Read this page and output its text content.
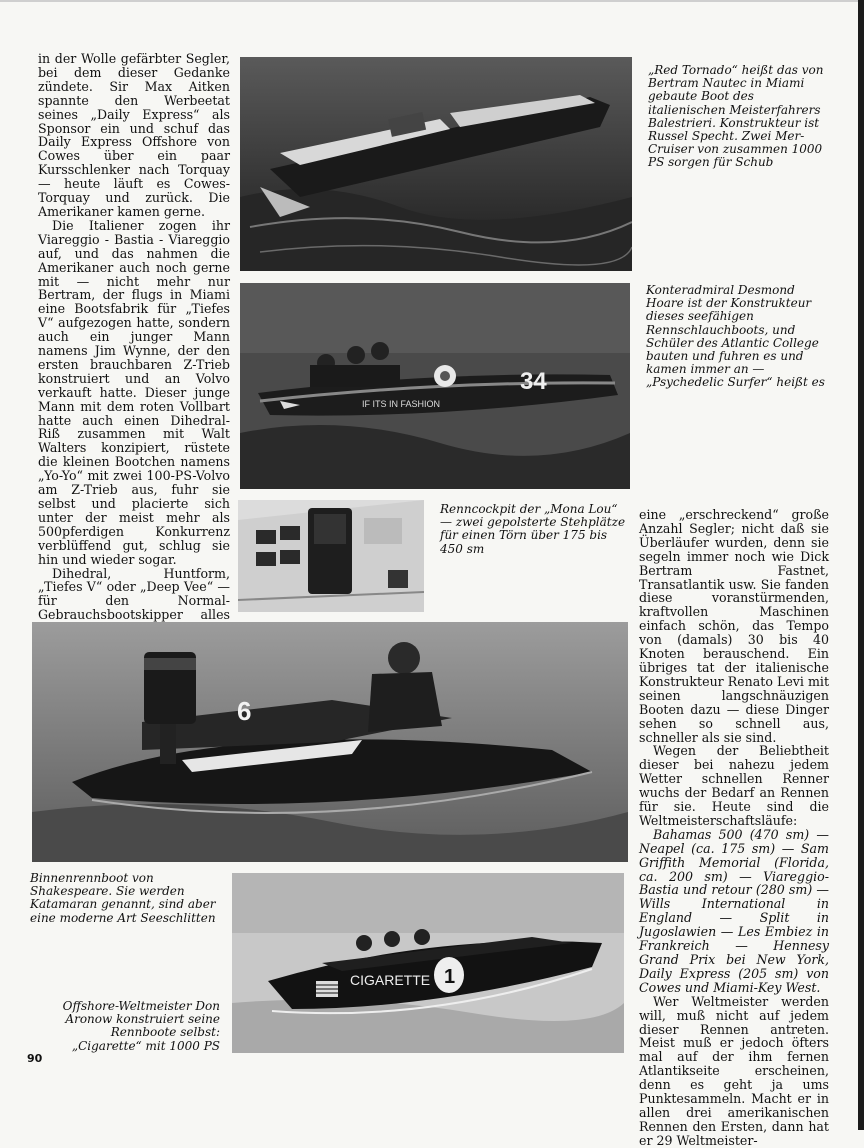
in der Wolle gefärbter Segler, bei dem dieser Gedanke zündete. Sir Max Aitken spannte den Werbeetat seines „Daily Express“ als Sponsor ein und schuf das Daily Express Offshore von Cowes über ein paar Kursschlenker nach Torquay — heute läuft es Cowes-Torquay und zurück. Die Amerikaner kamen gerne.

Die Italiener zogen ihr Viareggio - Bastia - Viareggio auf, und das nahmen die Amerikaner auch noch gerne mit — nicht mehr nur Bertram, der flugs in Miami eine Bootsfabrik für „Tiefes V“ aufgezogen hatte, sondern auch ein junger Mann namens Jim Wynne, der den ersten brauchbaren Z-Trieb konstruiert und an Volvo verkauft hatte. Dieser junge Mann mit dem roten Vollbart hatte auch einen Dihedral-Riß zusammen mit Walt Walters konzipiert, rüstete die kleinen Bootchen namens „Yo-Yo“ mit zwei 100-PS-Volvo am Z-Trieb aus, fuhr sie selbst und placierte sich unter der meist mehr als 500pferdigen Konkurrenz verblüffend gut, schlug sie hin und wieder sogar.

Dihedral, Huntform, „Tiefes V“ oder „Deep Vee“ — für den Normal-Gebrauchsbootskipper alles

„Red Tornado“ heißt das von Bertram Nautec in Miami gebaute Boot des italienischen Meisterfahrers Balestrieri. Konstrukteur ist Russel Specht. Zwei Mer-Cruiser von zusammen 1000 PS sorgen für Schub
34
IF ITS IN FASHION
Konteradmiral Desmond Hoare ist der Konstrukteur dieses seefähigen Rennschlauchboots, und Schüler des Atlantic College bauten und fuhren es und kamen immer an — „Psychedelic Surfer“ heißt es
Renncockpit der „Mona Lou“ — zwei gepolsterte Stehplätze für einen Törn über 175 bis 450 sm

eine „erschreckend“ große Anzahl Segler; nicht daß sie Überläufer wurden, denn sie segeln immer noch wie Dick Bertram Fastnet, Transatlantik usw. Sie fanden diese voranstürmenden, kraftvollen Maschinen einfach schön, das Tempo von (damals) 30 bis 40 Knoten berauschend. Ein übriges tat der italienische Konstrukteur Renato Levi mit seinen langschnäuzigen Booten dazu — diese Dinger sehen so schnell aus, schneller als sie sind.

Wegen der Beliebtheit dieser bei nahezu jedem Wetter schnellen Renner wuchs der Bedarf an Rennen für sie. Heute sind die Weltmeisterschaftsläufe:

Bahamas 500 (470 sm) — Neapel (ca. 175 sm) — Sam Griffith Memorial (Florida, ca. 200 sm) — Viareggio-Bastia und retour (280 sm) — Wills International in England — Split in Jugoslawien — Les Embiez in Frankreich — Hennesy Grand Prix bei New York, Daily Express (205 sm) von Cowes und Miami-Key West.

Wer Weltmeister werden will, muß nicht auf jedem dieser Rennen antreten. Meist muß er jedoch öfters mal auf der ihm fernen Atlantikseite erscheinen, denn es geht ja ums Punktesammeln. Macht er in allen drei amerikanischen Rennen den Ersten, dann hat er 29 Weltmeister-

6
Binnenrennboot von Shakespeare. Sie werden Katamaran genannt, sind aber eine moderne Art Seeschlitten
1
CIGARETTE
Offshore-Weltmeister Don Aronow konstruiert seine Rennboote selbst: „Cigarette“ mit 1000 PS
90
